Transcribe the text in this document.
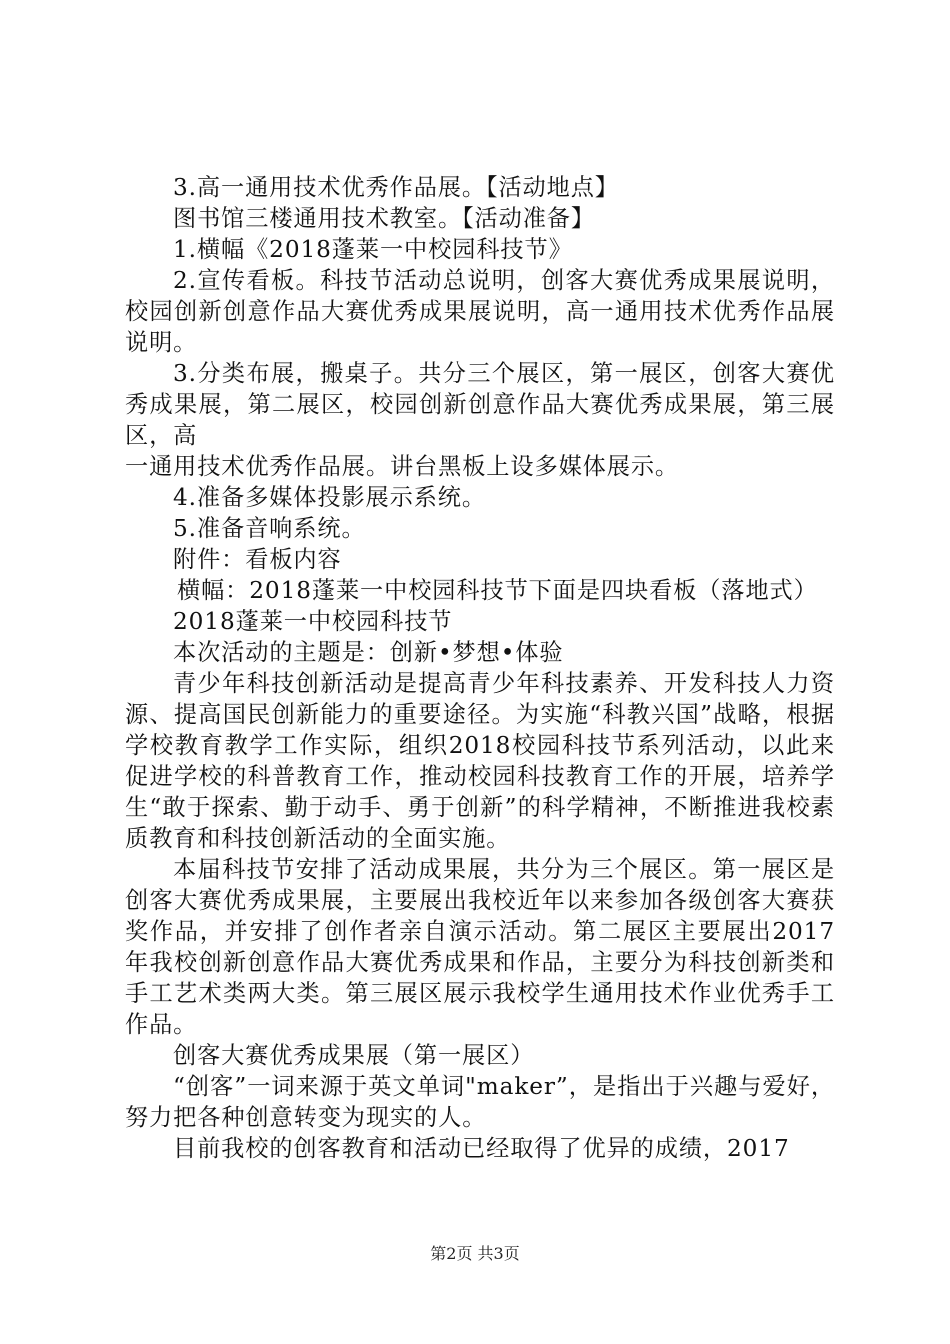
3.高一通用技术优秀作品展。【活动地点】

图书馆三楼通用技术教室。【活动准备】

1.横幅《2018蓬莱一中校园科技节》

2.宣传看板。科技节活动总说明，创客大赛优秀成果展说明，校园创新创意作品大赛优秀成果展说明，高一通用技术优秀作品展说明。

3.分类布展，搬桌子。共分三个展区，第一展区，创客大赛优秀成果展，第二展区，校园创新创意作品大赛优秀成果展，第三展区，高

一通用技术优秀作品展。讲台黑板上设多媒体展示。

4.准备多媒体投影展示系统。

5.准备音响系统。

附件：看板内容

横幅：2018蓬莱一中校园科技节下面是四块看板（落地式）

2018蓬莱一中校园科技节

本次活动的主题是：创新•梦想•体验

青少年科技创新活动是提高青少年科技素养、开发科技人力资源、提高国民创新能力的重要途径。为实施“科教兴国”战略，根据学校教育教学工作实际，组织2018校园科技节系列活动，以此来促进学校的科普教育工作，推动校园科技教育工作的开展，培养学生“敢于探索、勤于动手、勇于创新”的科学精神，不断推进我校素质教育和科技创新活动的全面实施。

本届科技节安排了活动成果展，共分为三个展区。第一展区是创客大赛优秀成果展，主要展出我校近年以来参加各级创客大赛获奖作品，并安排了创作者亲自演示活动。第二展区主要展出2017年我校创新创意作品大赛优秀成果和作品，主要分为科技创新类和手工艺术类两大类。第三展区展示我校学生通用技术作业优秀手工作品。

创客大赛优秀成果展（第一展区）

“创客”一词来源于英文单词"maker”，是指出于兴趣与爱好，努力把各种创意转变为现实的人。

目前我校的创客教育和活动已经取得了优异的成绩，2017

第2页 共3页
